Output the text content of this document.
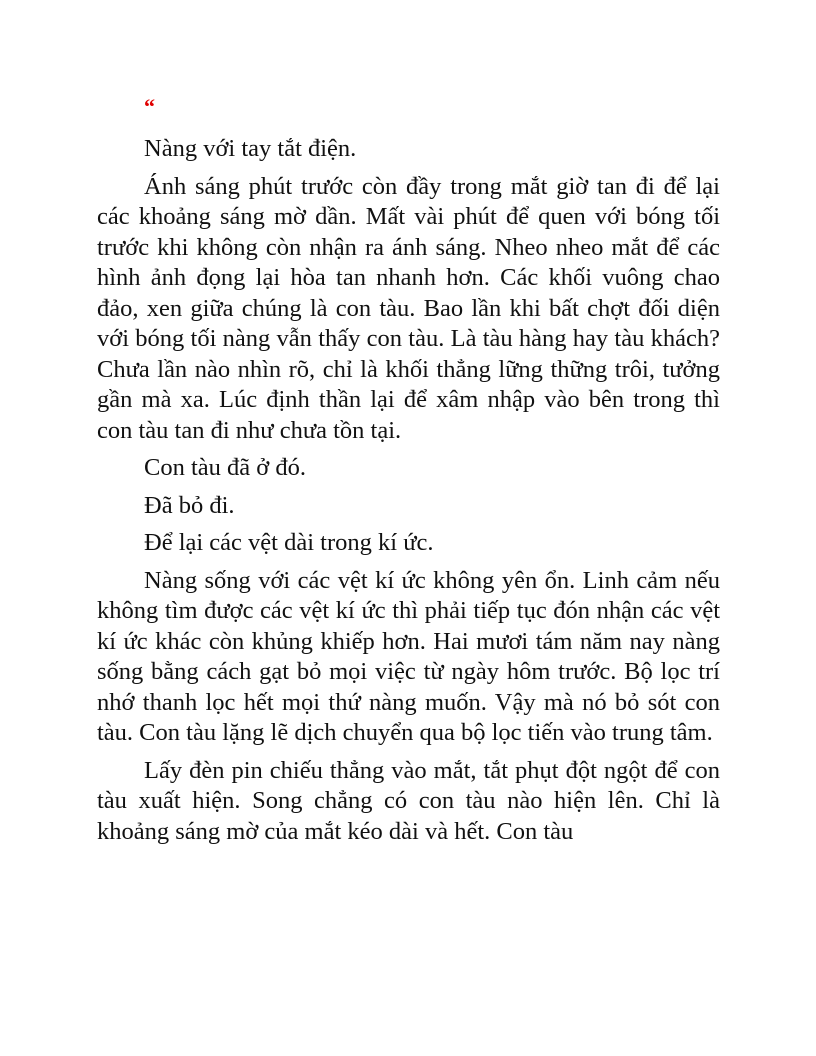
“

Nàng với tay tắt điện.

Ánh sáng phút trước còn đầy trong mắt giờ tan đi để lại các khoảng sáng mờ dần. Mất vài phút để quen với bóng tối trước khi không còn nhận ra ánh sáng. Nheo nheo mắt để các hình ảnh đọng lại hòa tan nhanh hơn. Các khối vuông chao đảo, xen giữa chúng là con tàu. Bao lần khi bất chợt đối diện với bóng tối nàng vẫn thấy con tàu. Là tàu hàng hay tàu khách? Chưa lần nào nhìn rõ, chỉ là khối thẳng lững thững trôi, tưởng gần mà xa. Lúc định thần lại để xâm nhập vào bên trong thì con tàu tan đi như chưa tồn tại.

Con tàu đã ở đó.

Đã bỏ đi.

Để lại các vệt dài trong kí ức.

Nàng sống với các vệt kí ức không yên ổn. Linh cảm nếu không tìm được các vệt kí ức thì phải tiếp tục đón nhận các vệt kí ức khác còn khủng khiếp hơn. Hai mươi tám năm nay nàng sống bằng cách gạt bỏ mọi việc từ ngày hôm trước. Bộ lọc trí nhớ thanh lọc hết mọi thứ nàng muốn. Vậy mà nó bỏ sót con tàu. Con tàu lặng lẽ dịch chuyển qua bộ lọc tiến vào trung tâm.

Lấy đèn pin chiếu thẳng vào mắt, tắt phụt đột ngột để con tàu xuất hiện. Song chẳng có con tàu nào hiện lên. Chỉ là khoảng sáng mờ của mắt kéo dài và hết. Con tàu
